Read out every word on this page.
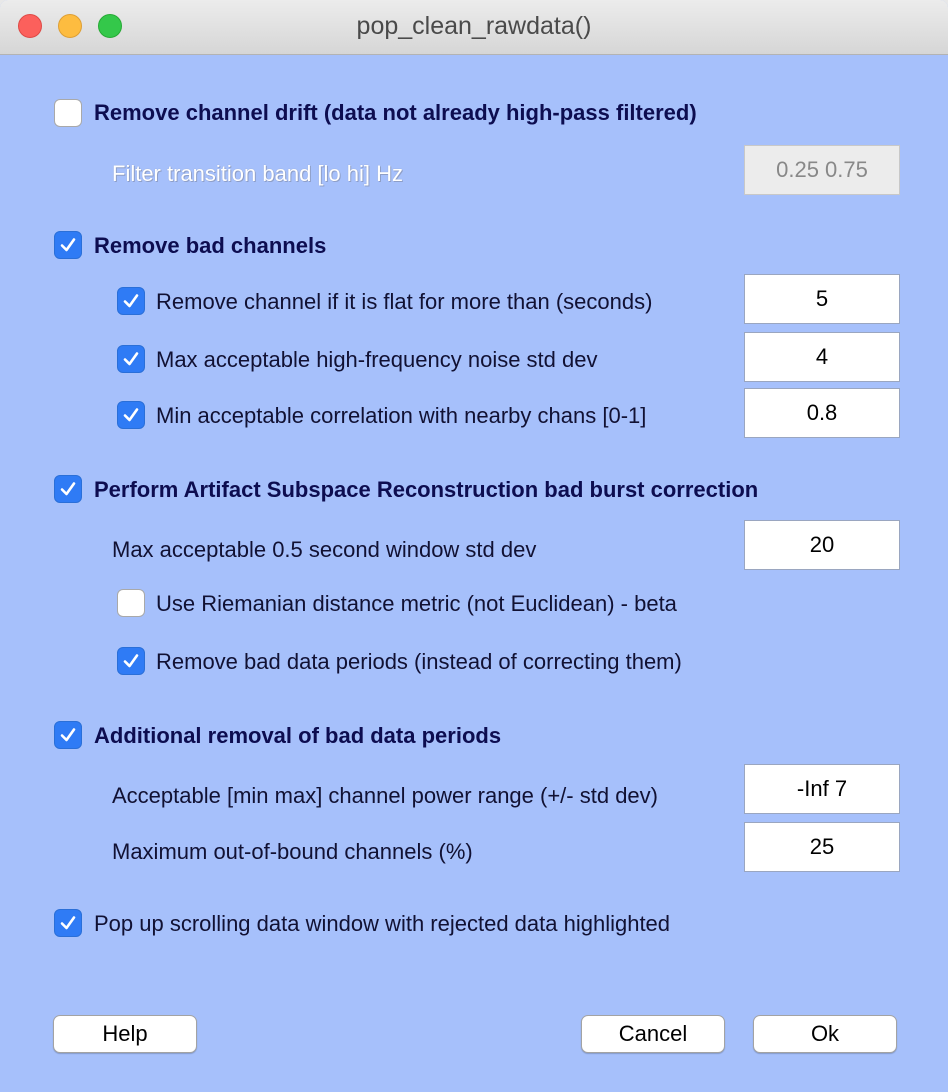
pop_clean_rawdata()
Remove channel drift (data not already high-pass filtered)
Filter transition band [lo hi] Hz	0.25 0.75
Remove bad channels
Remove channel if it is flat for more than (seconds)	5
Max acceptable high-frequency noise std dev	4
Min acceptable correlation with nearby chans [0-1]	0.8
Perform Artifact Subspace Reconstruction bad burst correction
Max acceptable 0.5 second window std dev	20
Use Riemanian distance metric (not Euclidean) - beta
Remove bad data periods (instead of correcting them)
Additional removal of bad data periods
Acceptable [min max] channel power range (+/- std dev)	-Inf 7
Maximum out-of-bound channels (%)	25
Pop up scrolling data window with rejected data highlighted
Help	Cancel	Ok
